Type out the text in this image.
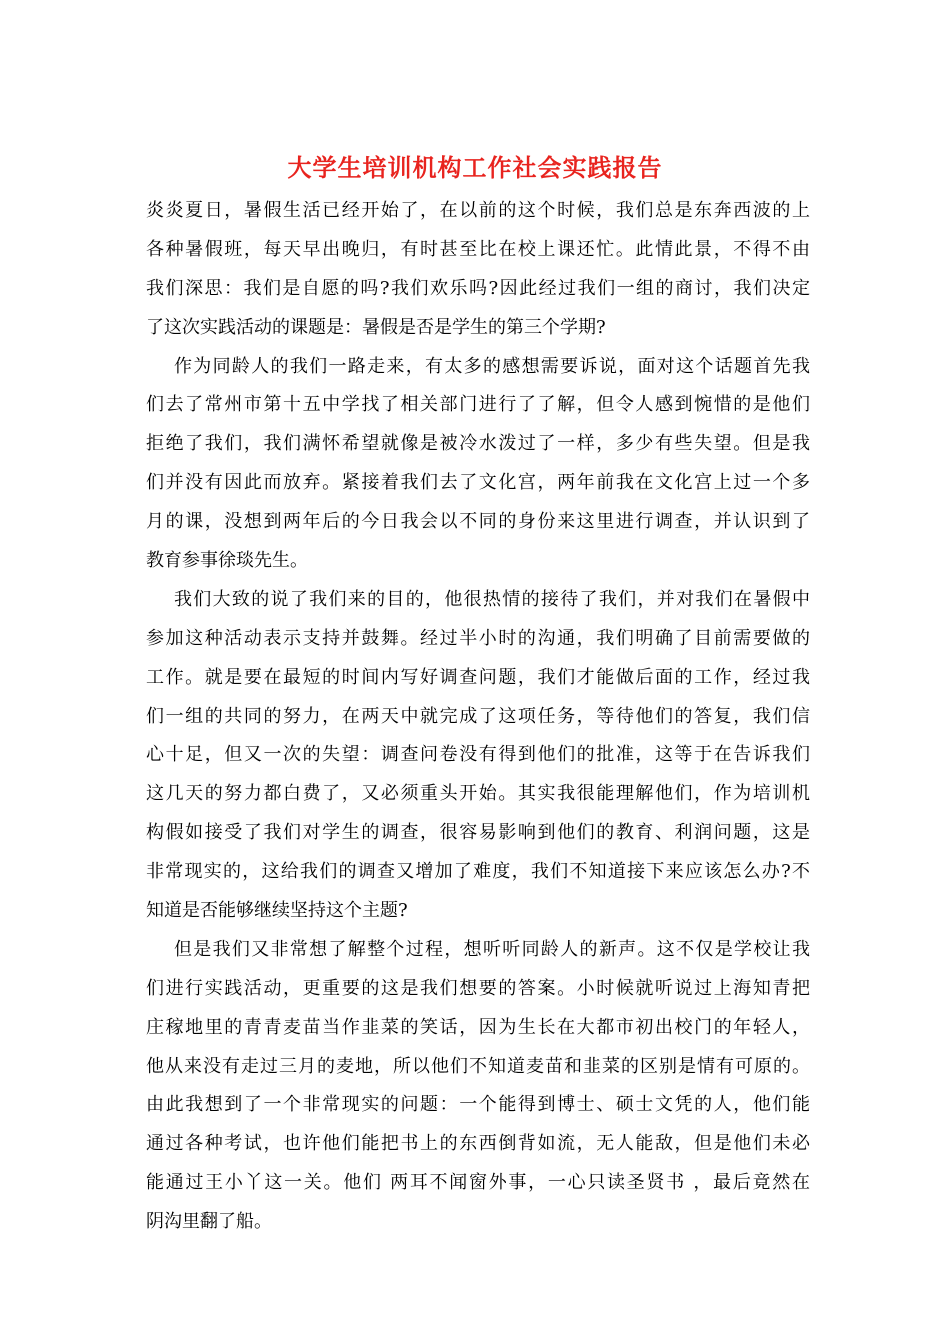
大学生培训机构工作社会实践报告
炎炎夏日，暑假生活已经开始了，在以前的这个时候，我们总是东奔西波的上
各种暑假班，每天早出晚归，有时甚至比在校上课还忙。此情此景，不得不由
我们深思：我们是自愿的吗?我们欢乐吗?因此经过我们一组的商讨，我们决定
了这次实践活动的课题是：暑假是否是学生的第三个学期?
作为同龄人的我们一路走来，有太多的感想需要诉说，面对这个话题首先我
们去了常州市第十五中学找了相关部门进行了了解，但令人感到惋惜的是他们
拒绝了我们，我们满怀希望就像是被冷水泼过了一样，多少有些失望。但是我
们并没有因此而放弃。紧接着我们去了文化宫，两年前我在文化宫上过一个多
月的课，没想到两年后的今日我会以不同的身份来这里进行调查，并认识到了
教育参事徐琰先生。
我们大致的说了我们来的目的，他很热情的接待了我们，并对我们在暑假中
参加这种活动表示支持并鼓舞。经过半小时的沟通，我们明确了目前需要做的
工作。就是要在最短的时间内写好调查问题，我们才能做后面的工作，经过我
们一组的共同的努力，在两天中就完成了这项任务，等待他们的答复，我们信
心十足，但又一次的失望：调查问卷没有得到他们的批准，这等于在告诉我们
这几天的努力都白费了，又必须重头开始。其实我很能理解他们，作为培训机
构假如接受了我们对学生的调查，很容易影响到他们的教育、利润问题，这是
非常现实的，这给我们的调查又增加了难度，我们不知道接下来应该怎么办?不
知道是否能够继续坚持这个主题?
但是我们又非常想了解整个过程，想听听同龄人的新声。这不仅是学校让我
们进行实践活动，更重要的这是我们想要的答案。小时候就听说过上海知青把
庄稼地里的青青麦苗当作韭菜的笑话，因为生长在大都市初出校门的年轻人，
他从来没有走过三月的麦地，所以他们不知道麦苗和韭菜的区别是情有可原的。
由此我想到了一个非常现实的问题：一个能得到博士、硕士文凭的人，他们能
通过各种考试，也许他们能把书上的东西倒背如流，无人能敌，但是他们未必
能通过王小丫这一关。他们 两耳不闻窗外事，一心只读圣贤书 ，最后竟然在
阴沟里翻了船。
